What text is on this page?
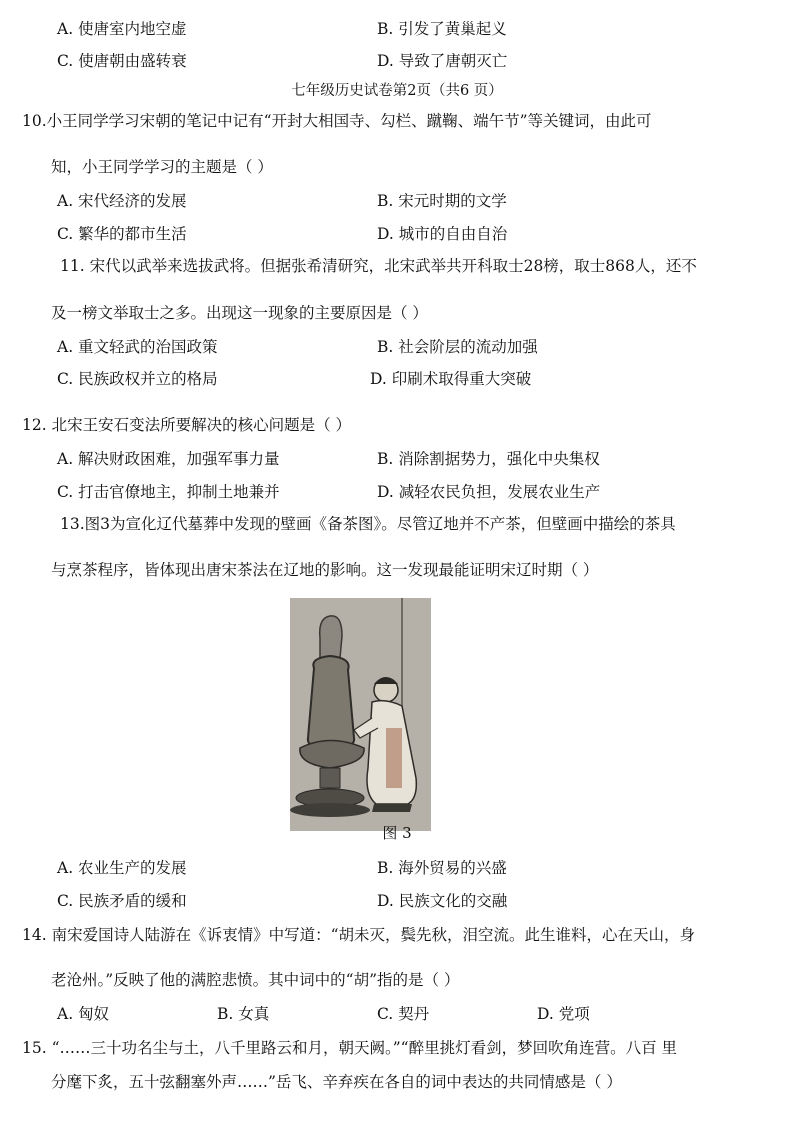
A. 使唐室内地空虚	B. 引发了黄巢起义
C. 使唐朝由盛转衰	D. 导致了唐朝灭亡
七年级历史试卷第2页（共6 页）
10.小王同学学习宋朝的笔记中记有“开封大相国寺、勾栏、蹴鞠、端午节”等关键词，由此可
知，小王同学学习的主题是（ ）
A. 宋代经济的发展	B. 宋元时期的文学
C. 繁华的都市生活	D. 城市的自由自治
11. 宋代以武举来选拔武将。但据张希清研究，北宋武举共开科取士28榜，取士868人，还不
及一榜文举取士之多。出现这一现象的主要原因是（ ）
A. 重文轻武的治国政策	B. 社会阶层的流动加强
C. 民族政权并立的格局	D. 印刷术取得重大突破
12. 北宋王安石变法所要解决的核心问题是（ ）
A. 解决财政困难，加强军事力量	B. 消除割据势力，强化中央集权
C. 打击官僚地主，抑制土地兼并	D. 减轻农民负担，发展农业生产
13.图3为宣化辽代墓葬中发现的壁画《备茶图》。尽管辽地并不产茶，但壁画中描绘的茶具
与烹茶程序，皆体现出唐宋茶法在辽地的影响。这一发现最能证明宋辽时期（ ）
图 3
A. 农业生产的发展	B. 海外贸易的兴盛
C. 民族矛盾的缓和	D. 民族文化的交融
14. 南宋爱国诗人陆游在《诉衷情》中写道：“胡未灭，鬓先秋，泪空流。此生谁料，心在天山，身
老沧州。”反映了他的满腔悲愤。其中词中的“胡”指的是（ ）
A. 匈奴	B. 女真	C. 契丹	D. 党项
15. “……三十功名尘与土，八千里路云和月，朝天阙。”“醉里挑灯看剑，梦回吹角连营。八百 里
分麾下炙，五十弦翻塞外声……”岳飞、辛弃疾在各自的词中表达的共同情感是（ ）
